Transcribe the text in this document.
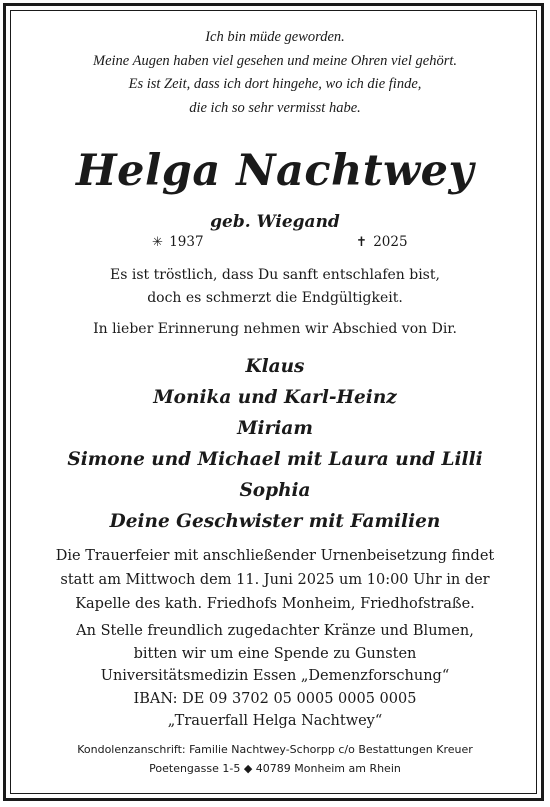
Ich bin müde geworden.
Meine Augen haben viel gesehen und meine Ohren viel gehört.
Es ist Zeit, dass ich dort hingehe, wo ich die finde,
die ich so sehr vermisst habe.
Helga Nachtwey
geb. Wiegand
✳ 1937	✝ 2025
Es ist tröstlich, dass Du sanft entschlafen bist,
doch es schmerzt die Endgültigkeit.
In lieber Erinnerung nehmen wir Abschied von Dir.
Klaus
Monika und Karl-Heinz
Miriam
Simone und Michael mit Laura und Lilli
Sophia
Deine Geschwister mit Familien
Die Trauerfeier mit anschließender Urnenbeisetzung findet
statt am Mittwoch dem 11. Juni 2025 um 10:00 Uhr in der
Kapelle des kath. Friedhofs Monheim, Friedhofstraße.
An Stelle freundlich zugedachter Kränze und Blumen,
bitten wir um eine Spende zu Gunsten
Universitätsmedizin Essen „Demenzforschung“
IBAN: DE 09 3702 05 0005 0005 0005
„Trauerfall Helga Nachtwey“
Kondolenzanschrift: Familie Nachtwey-Schorpp c/o Bestattungen Kreuer
Poetengasse 1-5 ◆ 40789 Monheim am Rhein
